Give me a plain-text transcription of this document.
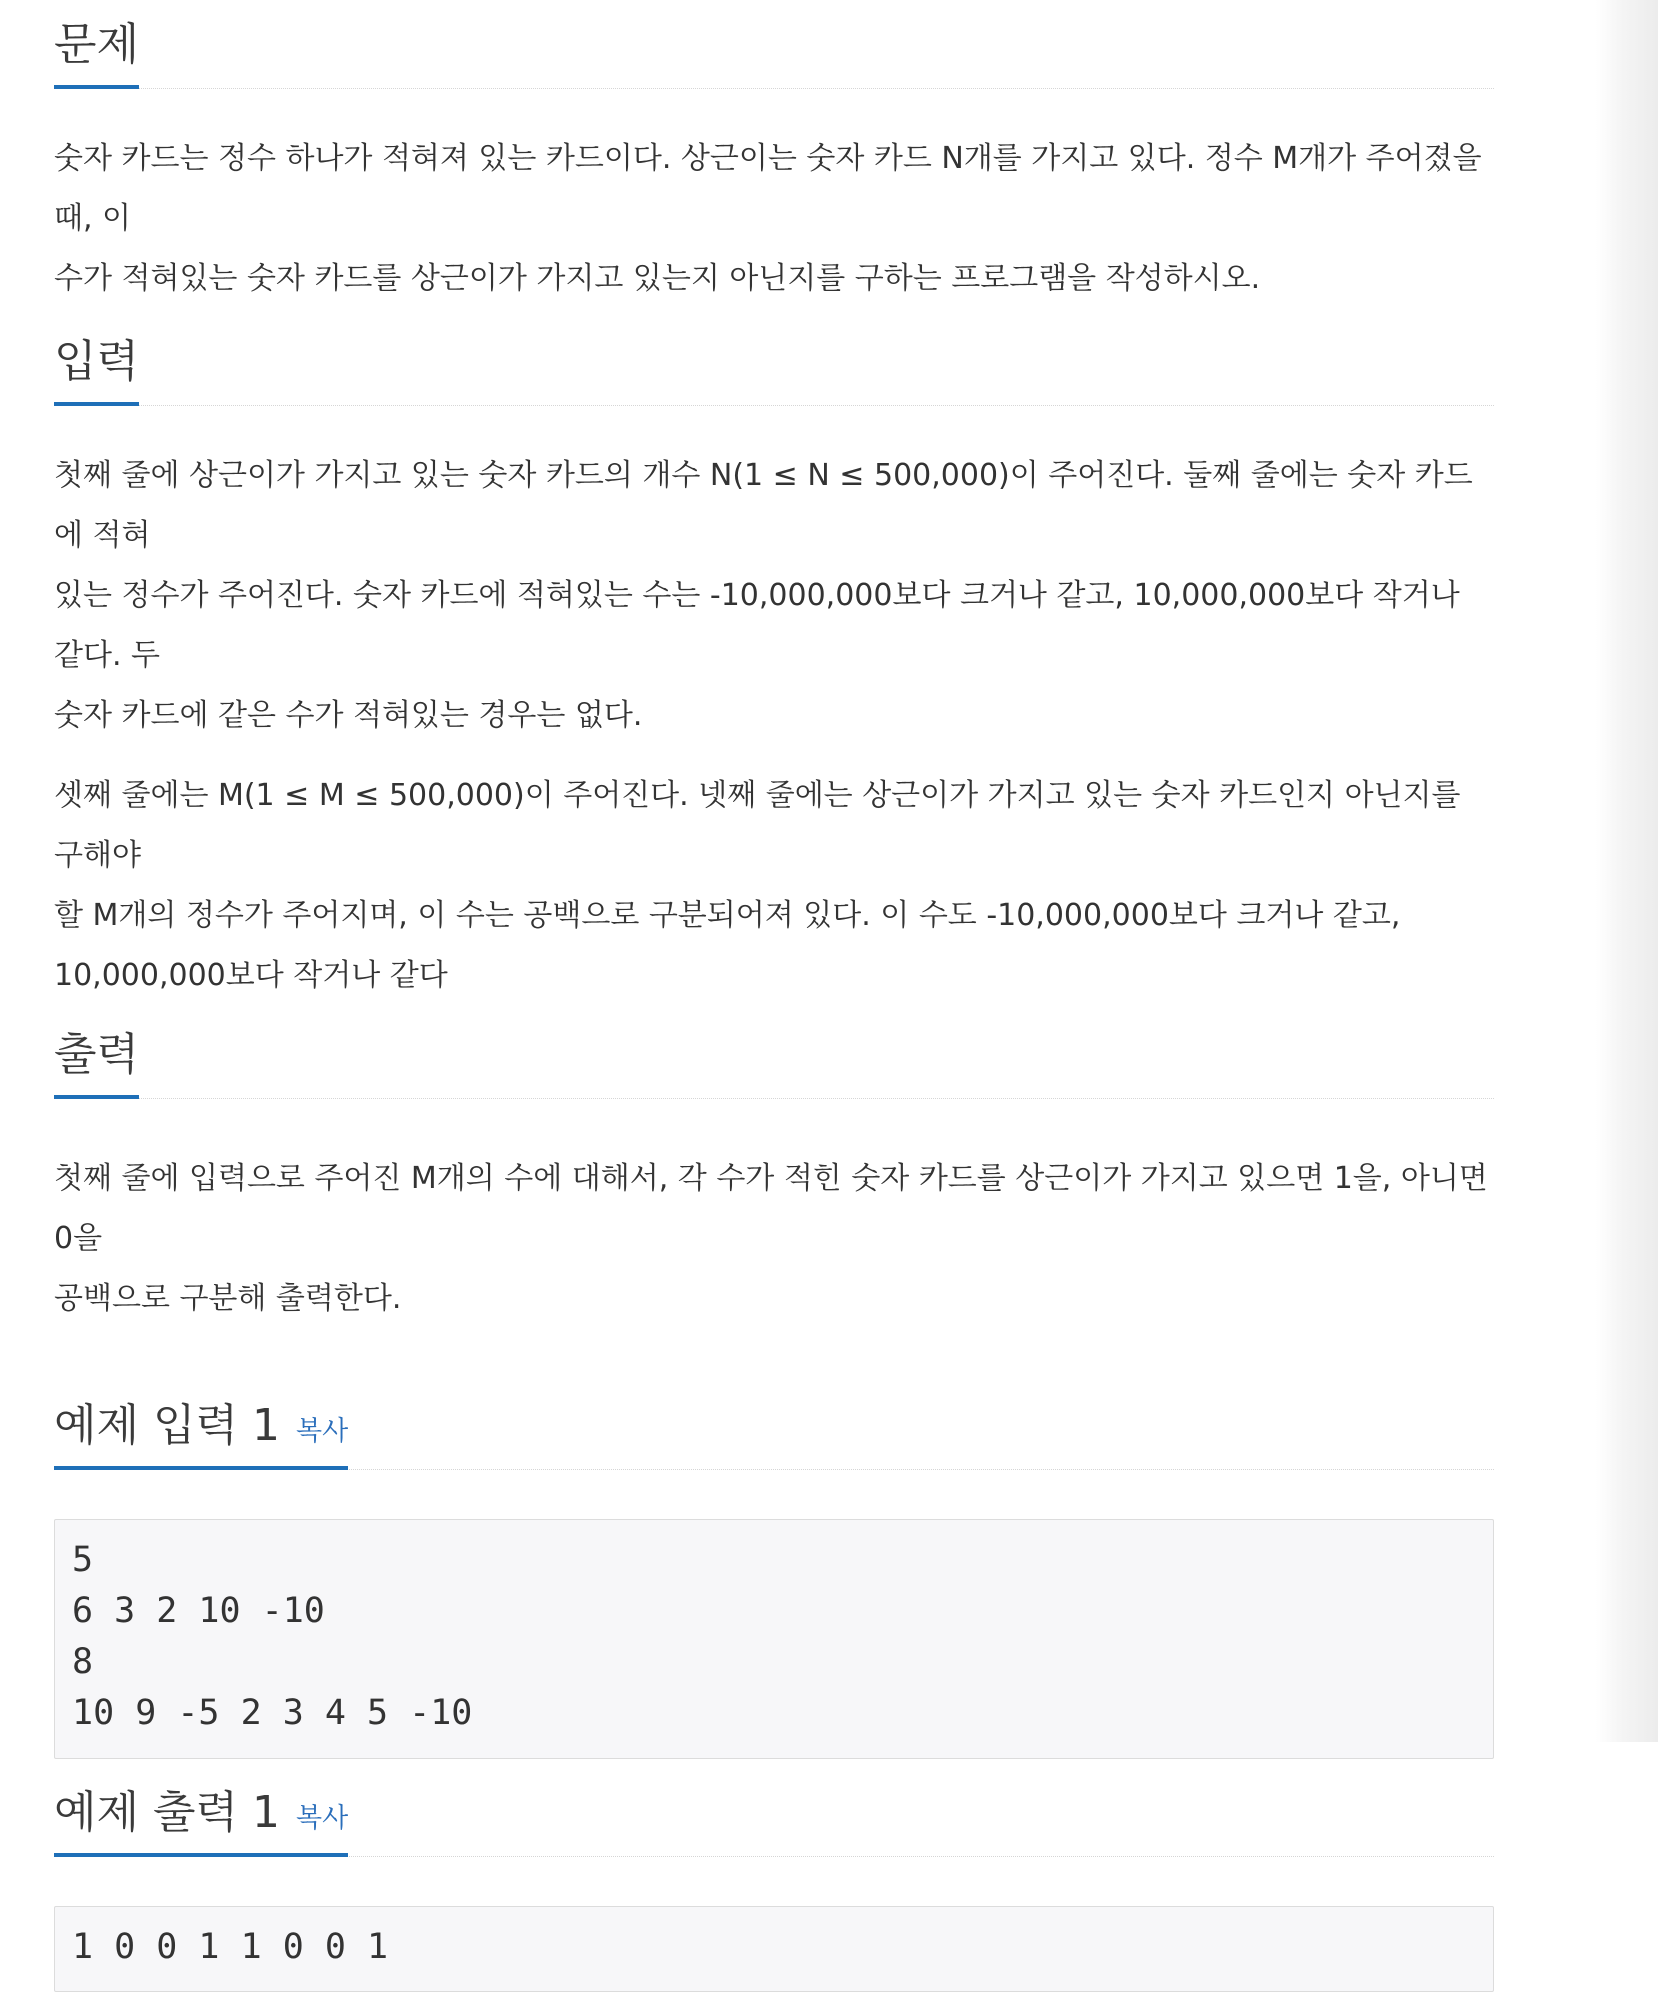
문제

숫자 카드는 정수 하나가 적혀져 있는 카드이다. 상근이는 숫자 카드 N개를 가지고 있다. 정수 M개가 주어졌을 때, 이

수가 적혀있는 숫자 카드를 상근이가 가지고 있는지 아닌지를 구하는 프로그램을 작성하시오.

입력

첫째 줄에 상근이가 가지고 있는 숫자 카드의 개수 N(1 ≤ N ≤ 500,000)이 주어진다. 둘째 줄에는 숫자 카드에 적혀

있는 정수가 주어진다. 숫자 카드에 적혀있는 수는 -10,000,000보다 크거나 같고, 10,000,000보다 작거나 같다. 두

숫자 카드에 같은 수가 적혀있는 경우는 없다.

셋째 줄에는 M(1 ≤ M ≤ 500,000)이 주어진다. 넷째 줄에는 상근이가 가지고 있는 숫자 카드인지 아닌지를 구해야

할 M개의 정수가 주어지며, 이 수는 공백으로 구분되어져 있다. 이 수도 -10,000,000보다 크거나 같고,

10,000,000보다 작거나 같다

출력

첫째 줄에 입력으로 주어진 M개의 수에 대해서, 각 수가 적힌 숫자 카드를 상근이가 가지고 있으면 1을, 아니면 0을

공백으로 구분해 출력한다.

예제 입력 1 복사
5
6 3 2 10 -10
8
10 9 -5 2 3 4 5 -10
예제 출력 1 복사
1 0 0 1 1 0 0 1
